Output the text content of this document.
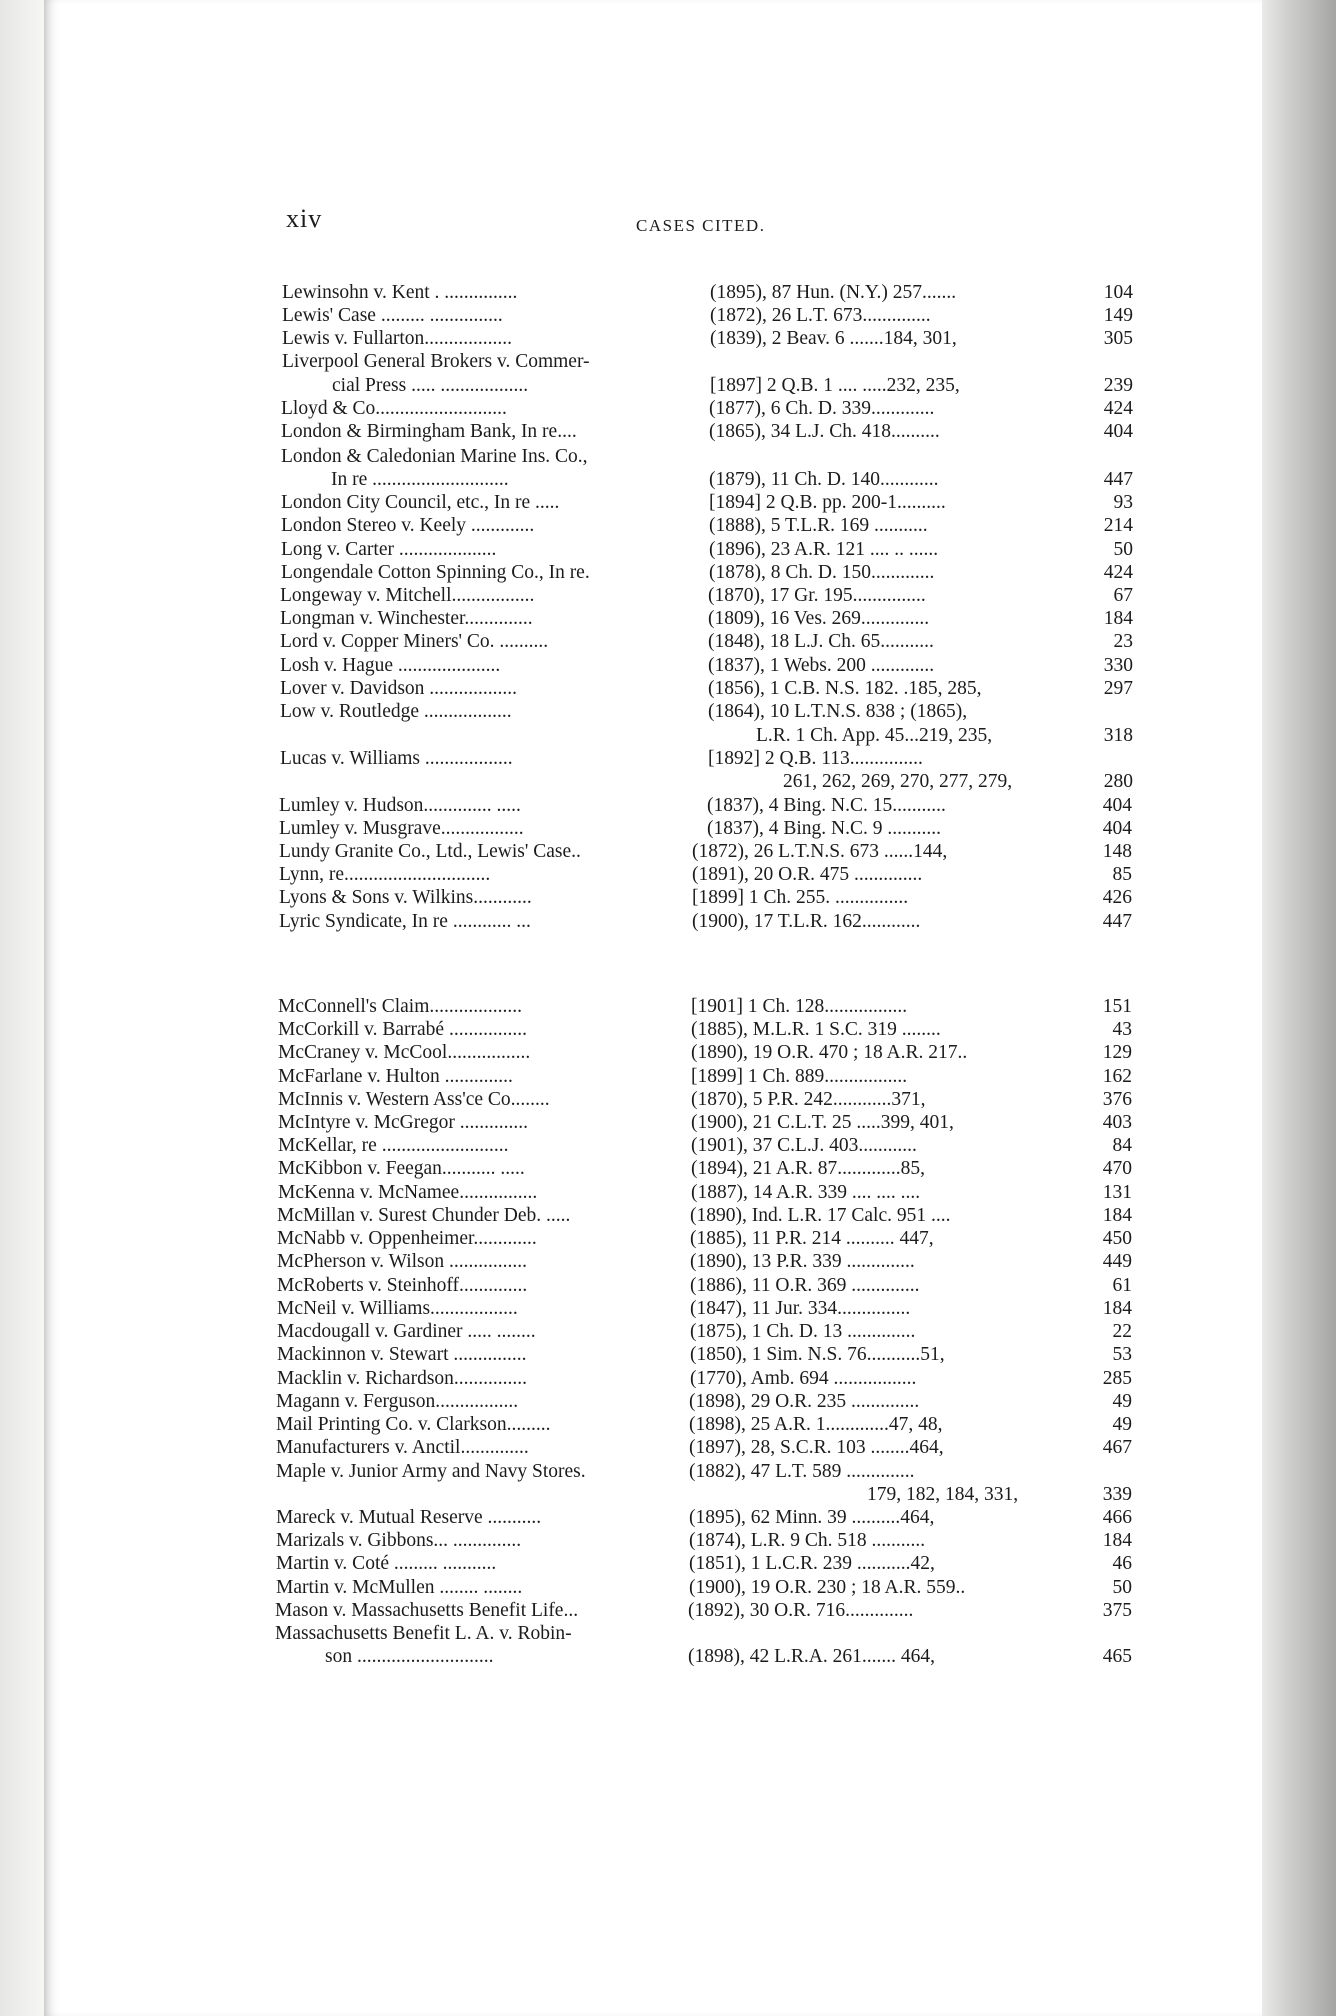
xiv	CASES CITED.
Lewinsohn v. Kent . ...............	(1895), 87 Hun. (N.Y.) 257.......	104
Lewis' Case ......... ...............	(1872), 26 L.T. 673..............	149
Lewis v. Fullarton..................	(1839), 2 Beav. 6 .......184, 301,	305
Liverpool General Brokers v. Commer-
cial Press ..... ..................	[1897] 2 Q.B. 1 .... .....232, 235,	239
Lloyd & Co...........................	(1877), 6 Ch. D. 339.............	424
London & Birmingham Bank, In re....	(1865), 34 L.J. Ch. 418..........	404
London & Caledonian Marine Ins. Co.,
In re ............................	(1879), 11 Ch. D. 140............	447
London City Council, etc., In re .....	[1894] 2 Q.B. pp. 200-1..........	93
London Stereo v. Keely .............	(1888), 5 T.L.R. 169 ...........	214
Long v. Carter ....................	(1896), 23 A.R. 121 .... .. ......	50
Longendale Cotton Spinning Co., In re.	(1878), 8 Ch. D. 150.............	424
Longeway v. Mitchell.................	(1870), 17 Gr. 195...............	67
Longman v. Winchester..............	(1809), 16 Ves. 269..............	184
Lord v. Copper Miners' Co. ..........	(1848), 18 L.J. Ch. 65...........	23
Losh v. Hague .....................	(1837), 1 Webs. 200 .............	330
Lover v. Davidson ..................	(1856), 1 C.B. N.S. 182. .185, 285,	297
Low v. Routledge ..................	(1864), 10 L.T.N.S. 838 ; (1865),
L.R. 1 Ch. App. 45...219, 235,	318
Lucas v. Williams ..................	[1892] 2 Q.B. 113...............
261, 262, 269, 270, 277, 279,	280
Lumley v. Hudson.............. .....	(1837), 4 Bing. N.C. 15...........	404
Lumley v. Musgrave.................	(1837), 4 Bing. N.C. 9 ...........	404
Lundy Granite Co., Ltd., Lewis' Case..	(1872), 26 L.T.N.S. 673 ......144,	148
Lynn, re..............................	(1891), 20 O.R. 475 ..............	85
Lyons & Sons v. Wilkins............	[1899] 1 Ch. 255. ...............	426
Lyric Syndicate, In re ............ ...	(1900), 17 T.L.R. 162............	447
McConnell's Claim...................	[1901] 1 Ch. 128.................	151
McCorkill v. Barrabé ................	(1885), M.L.R. 1 S.C. 319 ........	43
McCraney v. McCool.................	(1890), 19 O.R. 470 ; 18 A.R. 217..	129
McFarlane v. Hulton ..............	[1899] 1 Ch. 889.................	162
McInnis v. Western Ass'ce Co........	(1870), 5 P.R. 242............371,	376
McIntyre v. McGregor ..............	(1900), 21 C.L.T. 25 .....399, 401,	403
McKellar, re ..........................	(1901), 37 C.L.J. 403............	84
McKibbon v. Feegan........... .....	(1894), 21 A.R. 87.............85,	470
McKenna v. McNamee................	(1887), 14 A.R. 339 .... .... ....	131
McMillan v. Surest Chunder Deb. .....	(1890), Ind. L.R. 17 Calc. 951 ....	184
McNabb v. Oppenheimer.............	(1885), 11 P.R. 214 .......... 447,	450
McPherson v. Wilson ................	(1890), 13 P.R. 339 ..............	449
McRoberts v. Steinhoff..............	(1886), 11 O.R. 369 ..............	61
McNeil v. Williams..................	(1847), 11 Jur. 334...............	184
Macdougall v. Gardiner ..... ........	(1875), 1 Ch. D. 13 ..............	22
Mackinnon v. Stewart ...............	(1850), 1 Sim. N.S. 76...........51,	53
Macklin v. Richardson...............	(1770), Amb. 694 .................	285
Magann v. Ferguson.................	(1898), 29 O.R. 235 ..............	49
Mail Printing Co. v. Clarkson.........	(1898), 25 A.R. 1.............47, 48,	49
Manufacturers v. Anctil..............	(1897), 28, S.C.R. 103 ........464,	467
Maple v. Junior Army and Navy Stores.	(1882), 47 L.T. 589 ..............
179, 182, 184, 331,	339
Mareck v. Mutual Reserve ...........	(1895), 62 Minn. 39 ..........464,	466
Marizals v. Gibbons... ..............	(1874), L.R. 9 Ch. 518 ...........	184
Martin v. Coté ......... ...........	(1851), 1 L.C.R. 239 ...........42,	46
Martin v. McMullen ........ ........	(1900), 19 O.R. 230 ; 18 A.R. 559..	50
Mason v. Massachusetts Benefit Life...	(1892), 30 O.R. 716..............	375
Massachusetts Benefit L. A. v. Robin-
son ............................	(1898), 42 L.R.A. 261....... 464,	465
